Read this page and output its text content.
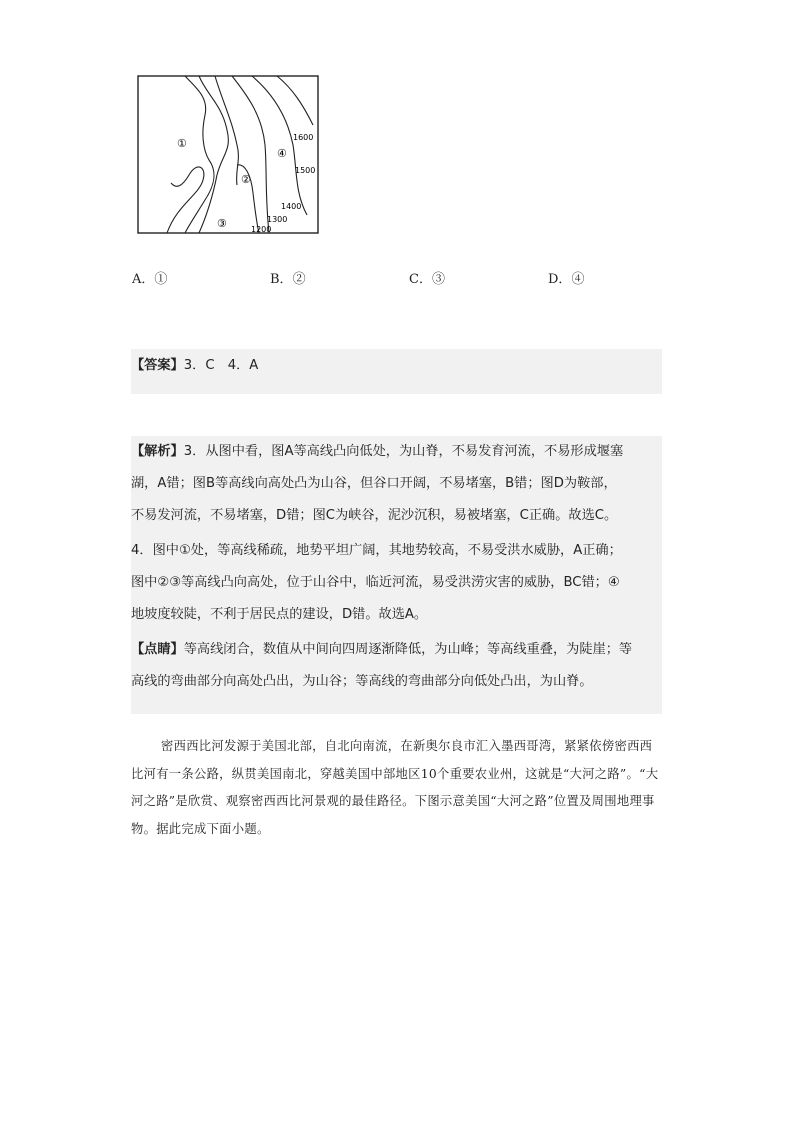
①
②
③
④
1600
1500
1400
1300
1200
A．①	B．②	C．③	D．④

【答案】3．C　4．A

【解析】3．从图中看，图A等高线凸向低处，为山脊，不易发育河流，不易形成堰塞

湖，A错；图B等高线向高处凸为山谷，但谷口开阔，不易堵塞，B错；图D为鞍部，

不易发河流，不易堵塞，D错；图C为峡谷，泥沙沉积，易被堵塞，C正确。故选C。

4．图中①处，等高线稀疏，地势平坦广阔，其地势较高，不易受洪水威胁，A正确；

图中②③等高线凸向高处，位于山谷中，临近河流，易受洪涝灾害的威胁，BC错；④

地坡度较陡，不利于居民点的建设，D错。故选A。

【点睛】等高线闭合，数值从中间向四周逐渐降低，为山峰；等高线重叠，为陡崖；等

高线的弯曲部分向高处凸出，为山谷；等高线的弯曲部分向低处凸出，为山脊。

密西西比河发源于美国北部，自北向南流，在新奥尔良市汇入墨西哥湾，紧紧依傍密西西比河有一条公路，纵贯美国南北，穿越美国中部地区10个重要农业州，这就是“大河之路”。“大河之路”是欣赏、观察密西西比河景观的最佳路径。下图示意美国“大河之路”位置及周围地理事物。据此完成下面小题。
